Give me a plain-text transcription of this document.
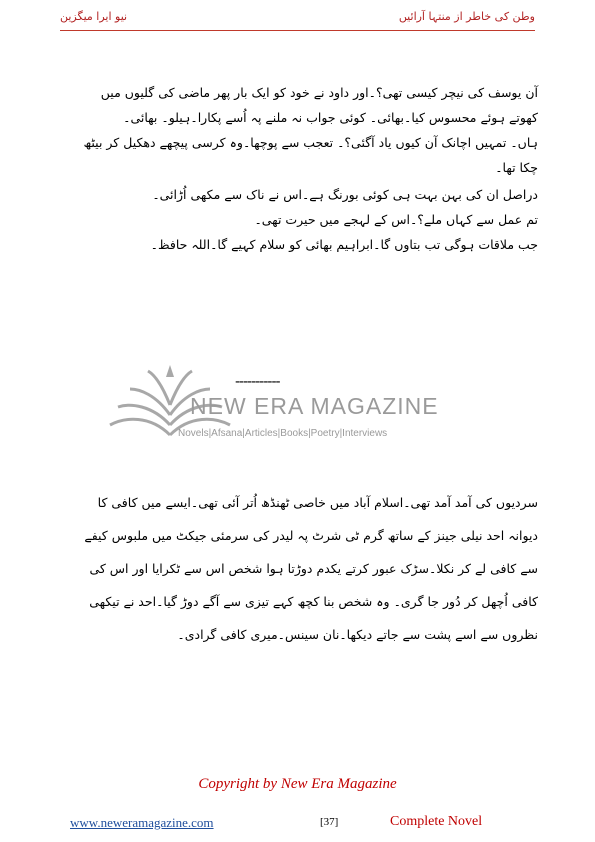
نیو ایرا میگزین	وطن کی خاطر از منتہا آرائیں
آن یوسف کی نیچر کیسی تھی؟۔اور داود نے خود کو ایک بار پھر ماضی کی گلیوں میں
کھوتے ہوئے محسوس کیا۔بھائی۔ کوئی جواب نہ ملنے پہ اُسے پکارا۔ہیلو۔ بھائی۔
ہاں۔ تمہیں اچانک آن کیوں یاد آگئی؟۔ تعجب سے پوچھا۔وہ کرسی پیچھے دھکیل کر بیٹھ
چکا تھا۔
دراصل ان کی بہن بہت ہی کوئی بورنگ ہے۔اس نے ناک سے مکھی اُڑائی۔
تم عمل سے کہاں ملے؟۔اس کے لہجے میں حیرت تھی۔
جب ملاقات ہوگی تب بتاوں گا۔ابراہیم بھائی کو سلام کہیے گا۔اللہ حافظ۔
NEW ERA MAGAZINE
Novels|Afsana|Articles|Books|Poetry|Interviews
-----------
سردیوں کی آمد آمد تھی۔اسلام آباد میں خاصی ٹھنڈھ اُتر آئی تھی۔ایسے میں کافی کا
دیوانہ احد نیلی جینز کے ساتھ گرم ٹی شرٹ پہ لیدر کی سرمئی جیکٹ میں ملبوس کیفے
سے کافی لے کر نکلا۔سڑک عبور کرتے یکدم دوڑتا ہوا شخص اس سے ٹکرایا اور اس کی
کافی اُچھل کر دُور جا گری۔ وہ شخص بنا کچھ کہے تیزی سے آگے دوڑ گیا۔احد نے تیکھی
نظروں سے اسے پشت سے جاتے دیکھا۔نان سینس۔میری کافی گرادی۔
Copyright by New Era Magazine
www.neweramagazine.com	[37]	Complete Novel
